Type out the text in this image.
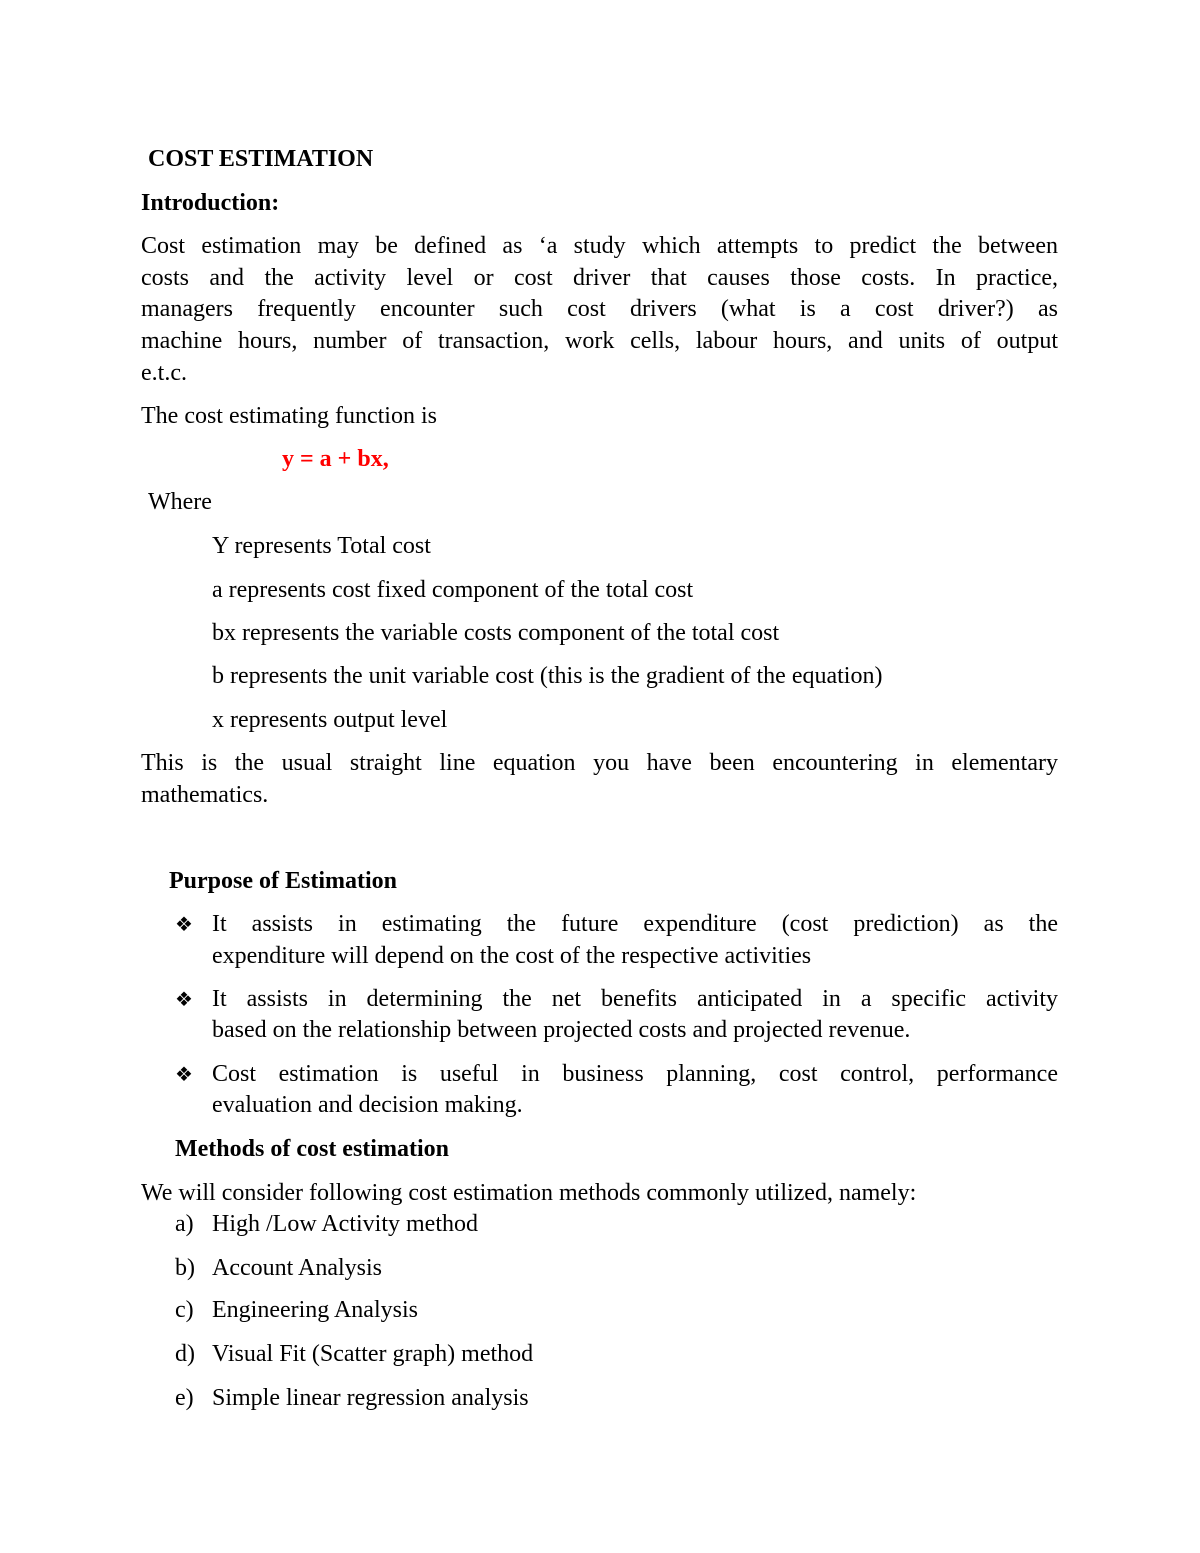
COST ESTIMATION
Introduction:
Cost estimation may be defined as ‘a study which attempts to predict the between
costs and the activity level or cost driver that causes those costs. In practice,
managers frequently encounter such cost drivers (what is a cost driver?) as
machine hours, number of transaction, work cells, labour hours, and units of output
e.t.c.
The cost estimating function is
y = a + bx,
Where
Y represents Total cost
a represents cost fixed component of the total cost
bx represents the variable costs component of the total cost
b represents the unit variable cost (this is the gradient of the equation)
x represents output level
This is the usual straight line equation you have been encountering in elementary
mathematics.
Purpose of Estimation
❖ It assists in estimating the future expenditure (cost prediction) as the
expenditure will depend on the cost of the respective activities
❖ It assists in determining the net benefits anticipated in a specific activity
based on the relationship between projected costs and projected revenue.
❖ Cost estimation is useful in business planning, cost control, performance
evaluation and decision making.
Methods of cost estimation
We will consider following cost estimation methods commonly utilized, namely:
a) High /Low Activity method
b) Account Analysis
c) Engineering Analysis
d) Visual Fit (Scatter graph) method
e) Simple linear regression analysis
